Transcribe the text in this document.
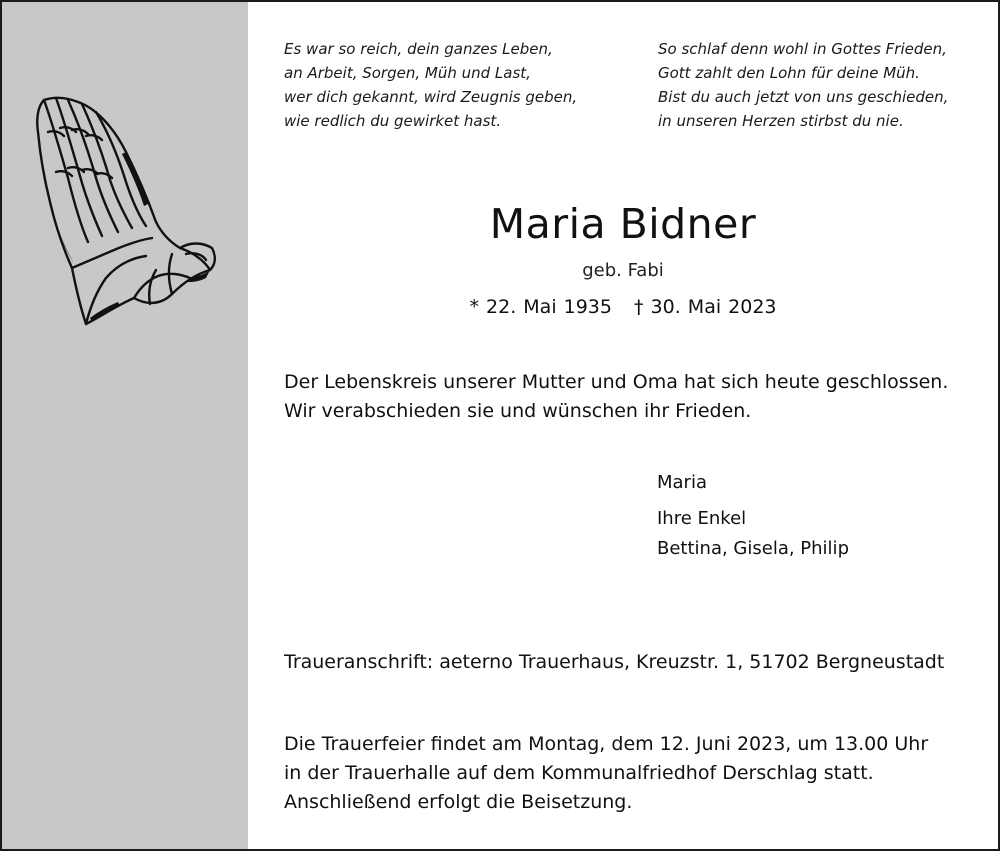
Es war so reich, dein ganzes Leben,
an Arbeit, Sorgen, Müh und Last,
wer dich gekannt, wird Zeugnis geben,
wie redlich du gewirket hast.
So schlaf denn wohl in Gottes Frieden,
Gott zahlt den Lohn für deine Müh.
Bist du auch jetzt von uns geschieden,
in unseren Herzen stirbst du nie.
Maria Bidner
geb. Fabi
* 22. Mai 1935 † 30. Mai 2023
Der Lebenskreis unserer Mutter und Oma hat sich heute geschlossen.
Wir verabschieden sie und wünschen ihr Frieden.
Maria
Ihre Enkel
Bettina, Gisela, Philip
Traueranschrift: aeterno Trauerhaus, Kreuzstr. 1, 51702 Bergneustadt
Die Trauerfeier findet am Montag, dem 12. Juni 2023, um 13.00 Uhr
in der Trauerhalle auf dem Kommunalfriedhof Derschlag statt.
Anschließend erfolgt die Beisetzung.
